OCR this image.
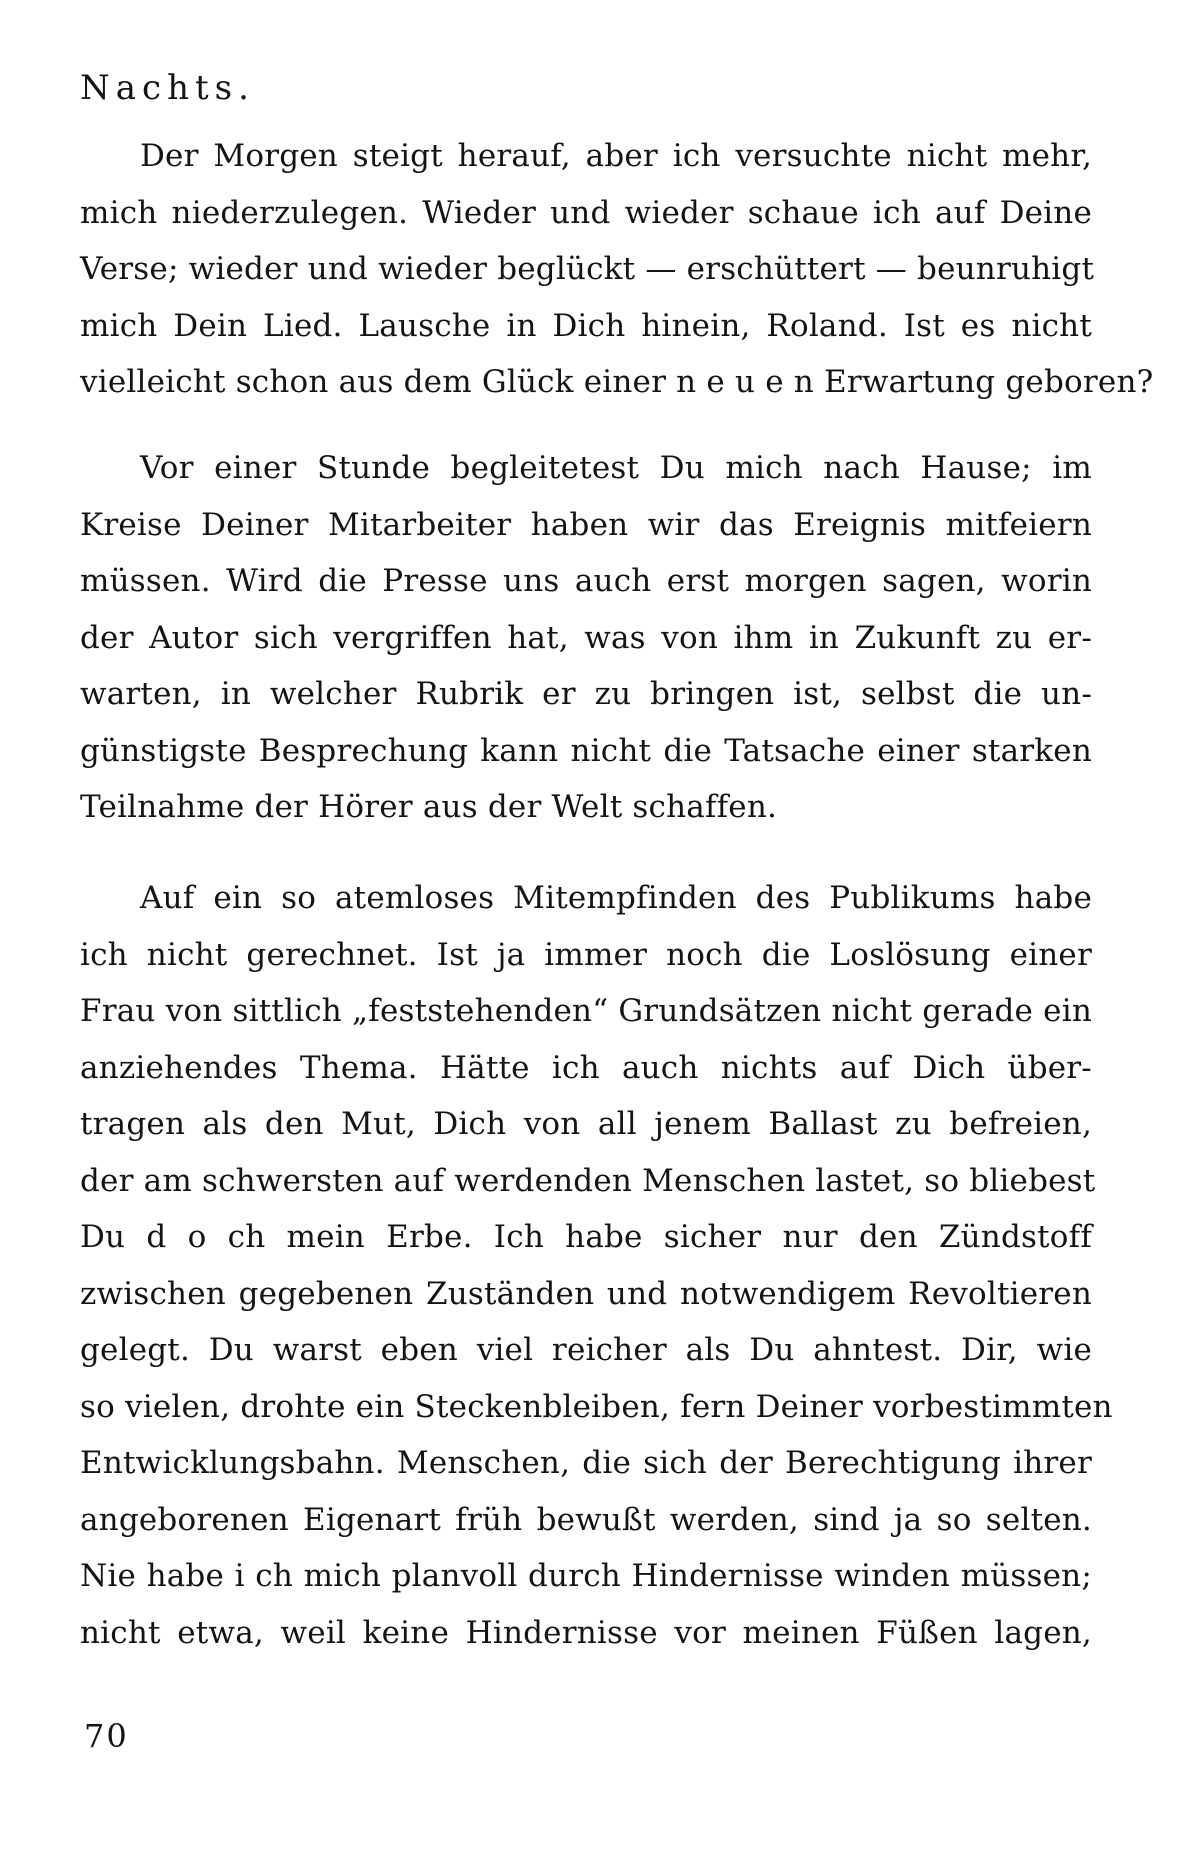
Nachts.
Der Morgen steigt herauf, aber ich versuchte nicht mehr,
mich niederzulegen. Wieder und wieder schaue ich auf Deine
Verse; wieder und wieder beglückt — erschüttert — beunruhigt
mich Dein Lied. Lausche in Dich hinein, Roland. Ist es nicht
vielleicht schon aus dem Glück einer n e u e n Erwartung geboren?
Vor einer Stunde begleitetest Du mich nach Hause; im
Kreise Deiner Mitarbeiter haben wir das Ereignis mitfeiern
müssen. Wird die Presse uns auch erst morgen sagen, worin
der Autor sich vergriffen hat, was von ihm in Zukunft zu er-
warten, in welcher Rubrik er zu bringen ist, selbst die un-
günstigste Besprechung kann nicht die Tatsache einer starken
Teilnahme der Hörer aus der Welt schaffen.
Auf ein so atemloses Mitempfinden des Publikums habe
ich nicht gerechnet. Ist ja immer noch die Loslösung einer
Frau von sittlich „feststehenden“ Grundsätzen nicht gerade ein
anziehendes Thema. Hätte ich auch nichts auf Dich über-
tragen als den Mut, Dich von all jenem Ballast zu befreien,
der am schwersten auf werdenden Menschen lastet, so bliebest
Du d o ch mein Erbe. Ich habe sicher nur den Zündstoff
zwischen gegebenen Zuständen und notwendigem Revoltieren
gelegt. Du warst eben viel reicher als Du ahntest. Dir, wie
so vielen, drohte ein Steckenbleiben, fern Deiner vorbestimmten
Entwicklungsbahn. Menschen, die sich der Berechtigung ihrer
angeborenen Eigenart früh bewußt werden, sind ja so selten.
Nie habe i ch mich planvoll durch Hindernisse winden müssen;
nicht etwa, weil keine Hindernisse vor meinen Füßen lagen,
70
